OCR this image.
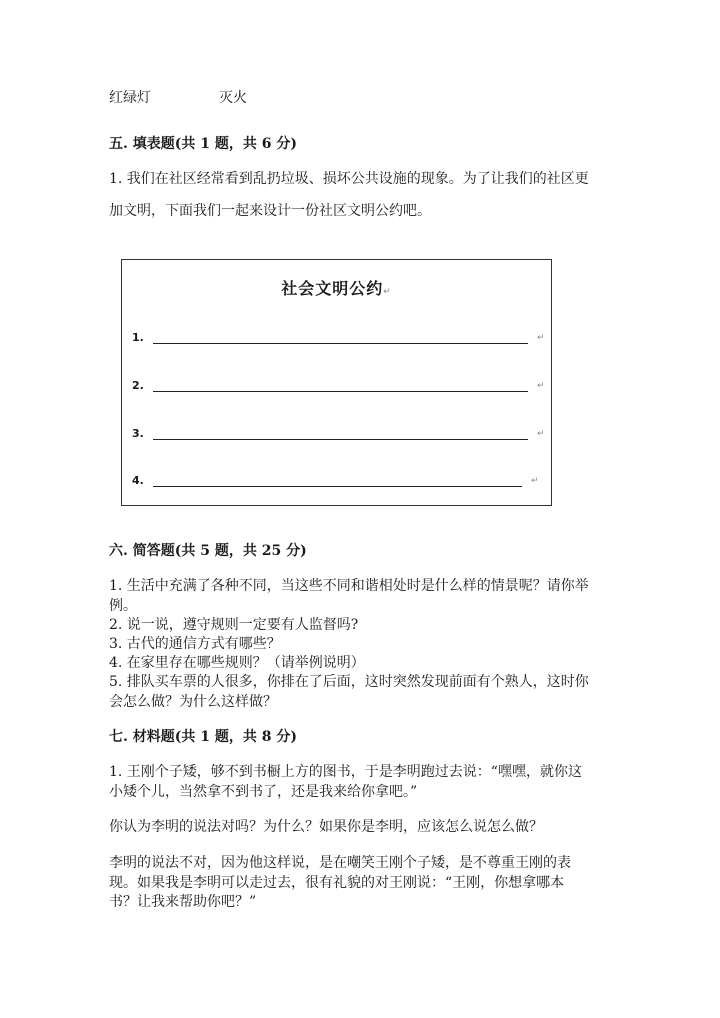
红绿灯	灭火
五. 填表题(共 1 题，共 6 分)
1. 我们在社区经常看到乱扔垃圾、损坏公共设施的现象。为了让我们的社区更
加文明，下面我们一起来设计一份社区文明公约吧。
社会文明公约↵
1.	↵
2.	↵
3.	↵
4.	↵
六. 简答题(共 5 题，共 25 分)
1. 生活中充满了各种不同，当这些不同和谐相处时是什么样的情景呢？请你举
例。
2. 说一说，遵守规则一定要有人监督吗?
3. 古代的通信方式有哪些？
4. 在家里存在哪些规则？（请举例说明）
5. 排队买车票的人很多，你排在了后面，这时突然发现前面有个熟人，这时你
会怎么做？为什么这样做？
七. 材料题(共 1 题，共 8 分)
1. 王刚个子矮，够不到书橱上方的图书，于是李明跑过去说：“嘿嘿，就你这
小矮个儿，当然拿不到书了，还是我来给你拿吧。”
你认为李明的说法对吗？为什么？如果你是李明，应该怎么说怎么做？
李明的说法不对，因为他这样说，是在嘲笑王刚个子矮，是不尊重王刚的表
现。如果我是李明可以走过去，很有礼貌的对王刚说：“王刚，你想拿哪本
书？让我来帮助你吧？”
